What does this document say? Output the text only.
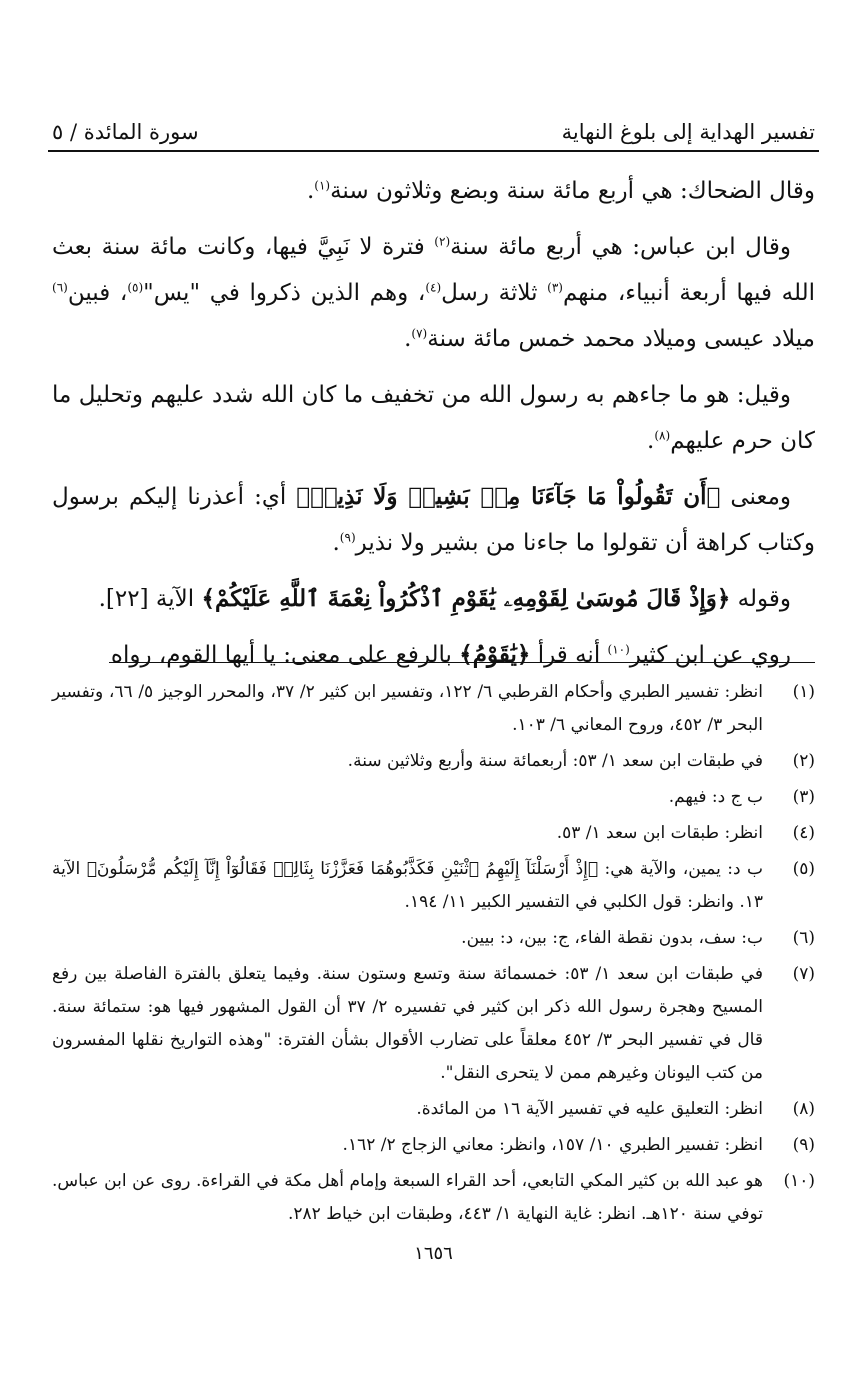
تفسير الهداية إلى بلوغ النهاية
سورة المائدة / ٥

وقال الضحاك: هي أربع مائة سنة وبضع وثلاثون سنة$^{(١)}$.

وقال ابن عباس: هي أربع مائة سنة$^{(٢)}$ فترة لا نَبِيَّ فيها، وكانت مائة سنة بعث الله فيها أربعة أنبياء، منهم$^{(٣)}$ ثلاثة رسل$^{(٤)}$، وهم الذين ذكروا في "يس"$^{(٥)}$، فبين$^{(٦)}$ ميلاد عيسى وميلاد محمد خمس مائة سنة$^{(٧)}$.

وقيل: هو ما جاءهم به رسول الله من تخفيف ما كان الله شدد عليهم وتحليل ما كان حرم عليهم$^{(٨)}$.

ومعنى ﴿أَن تَقُولُواْ مَا جَآءَنَا مِنۢ بَشِيرٖ وَلَا نَذِيرٖ﴾ أي: أعذرنا إليكم برسول وكتاب كراهة أن تقولوا ما جاءنا من بشير ولا نذير$^{(٩)}$.

وقوله ﴿وَإِذْ قَالَ مُوسَىٰ لِقَوْمِهِۦ يَٰقَوْمِ ٱذْكُرُواْ نِعْمَةَ ٱللَّهِ عَلَيْكُمْ﴾ الآية [٢٢].

روي عن ابن كثير$^{(١٠)}$ أنه قرأ ﴿يَٰقَوْمُ﴾ بالرفع على معنى: يا أيها القوم، رواه

(١)
انظر: تفسير الطبري وأحكام القرطبي ٦/ ١٢٢، وتفسير ابن كثير ٢/ ٣٧، والمحرر الوجيز ٥/ ٦٦، وتفسير البحر ٣/ ٤٥٢، وروح المعاني ٦/ ١٠٣.
(٢)
في طبقات ابن سعد ١/ ٥٣: أربعمائة سنة وأربع وثلاثين سنة.
(٣)
ب ج د: فيهم.
(٤)
انظر: طبقات ابن سعد ١/ ٥٣.
(٥)
ب د: يمين، والآية هي: ﴿إِذْ أَرْسَلْنَآ إِلَيْهِمُ ٱثْنَيْنِ فَكَذَّبُوهُمَا فَعَزَّزْنَا بِثَالِثٖ فَقَالُوٓاْ إِنَّآ إِلَيْكُم مُّرْسَلُونَ﴾ الآية ١٣. وانظر: قول الكلبي في التفسير الكبير ١١/ ١٩٤.
(٦)
ب: سف، بدون نقطة الفاء، ج: بين، د: بيين.
(٧)
في طبقات ابن سعد ١/ ٥٣: خمسمائة سنة وتسع وستون سنة. وفيما يتعلق بالفترة الفاصلة بين رفع المسيح وهجرة رسول الله ذكر ابن كثير في تفسيره ٢/ ٣٧ أن القول المشهور فيها هو: ستمائة سنة. قال في تفسير البحر ٣/ ٤٥٢ معلقاً على تضارب الأقوال بشأن الفترة: "وهذه التواريخ نقلها المفسرون من كتب اليونان وغيرهم ممن لا يتحرى النقل".
(٨)
انظر: التعليق عليه في تفسير الآية ١٦ من المائدة.
(٩)
انظر: تفسير الطبري ١٠/ ١٥٧، وانظر: معاني الزجاج ٢/ ١٦٢.
(١٠)
هو عبد الله بن كثير المكي التابعي، أحد القراء السبعة وإمام أهل مكة في القراءة. روى عن ابن عباس. توفي سنة ١٢٠هـ. انظر: غاية النهاية ١/ ٤٤٣، وطبقات ابن خياط ٢٨٢.
١٦٥٦
